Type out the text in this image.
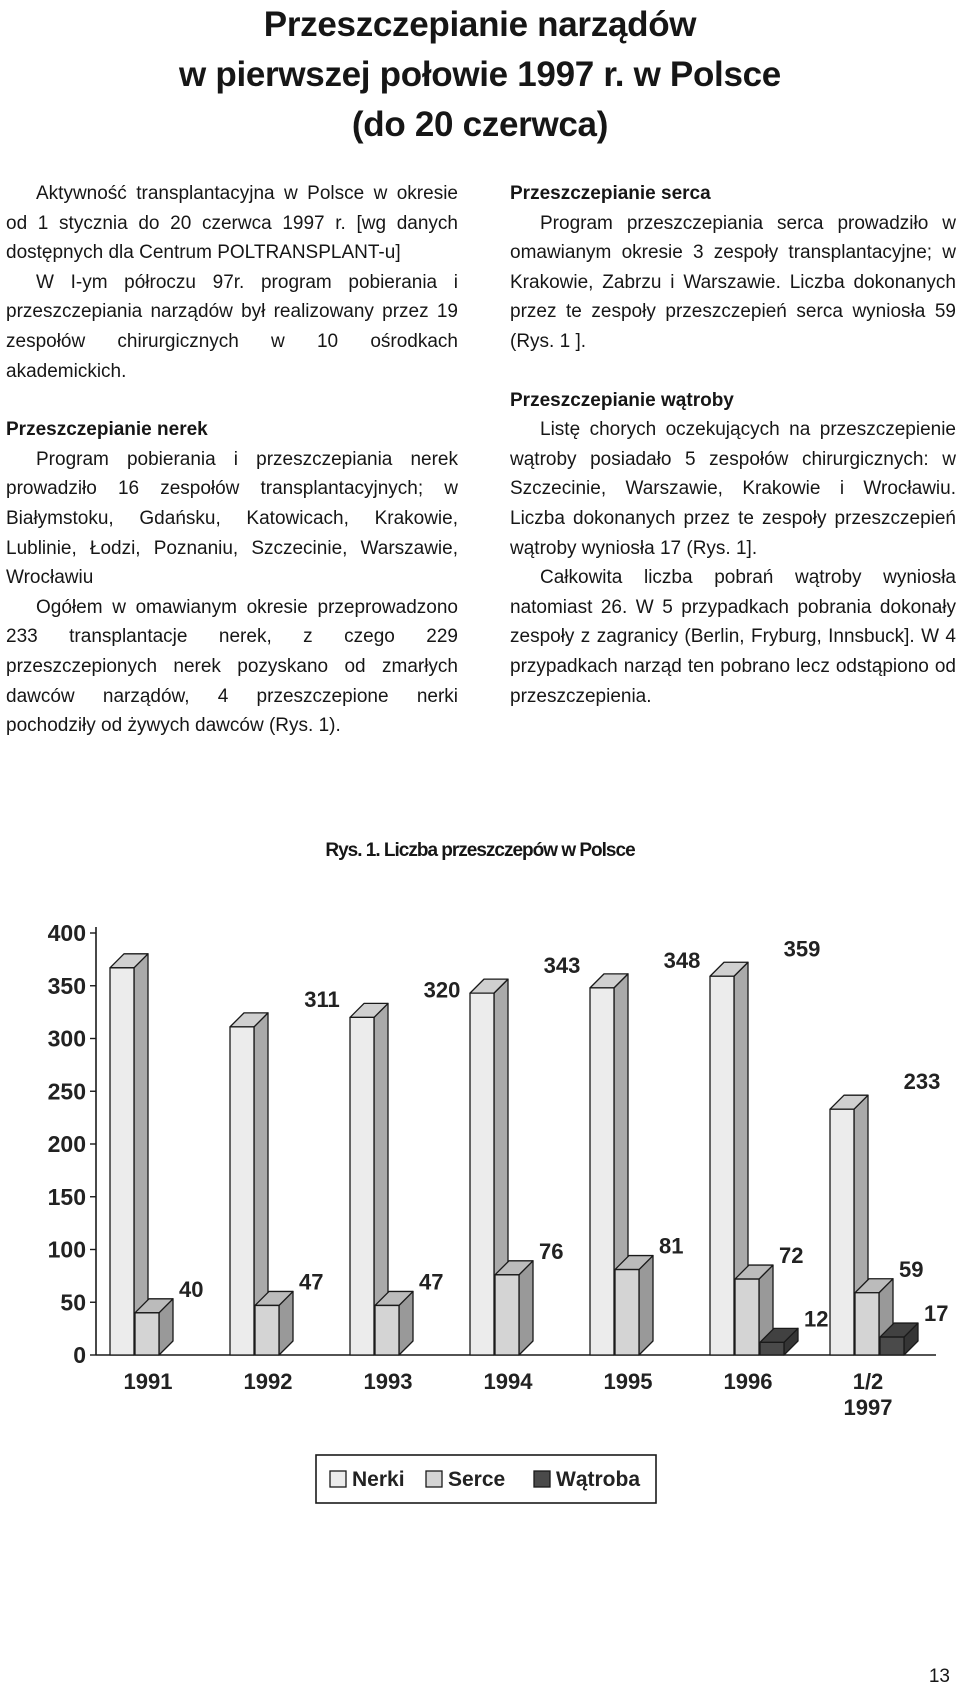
Przeszczepianie narządów
w pierwszej połowie 1997 r. w Polsce
(do 20 czerwca)

Aktywność transplantacyjna w Polsce w okresie od 1 stycznia do 20 czerwca 1997 r. [wg danych dostępnych dla Centrum POLTRANSPLANT-u]

W I-ym półroczu 97r. program pobierania i przeszczepiania narządów był realizowany przez 19 zespołów chirurgicznych w 10 ośrodkach akademickich.

Przeszczepianie nerek

Program pobierania i przeszczepiania nerek prowadziło 16 zespołów transplantacyjnych; w Białymstoku, Gdańsku, Katowicach, Krakowie, Lublinie, Łodzi, Poznaniu, Szczecinie, Warszawie, Wrocławiu

Ogółem w omawianym okresie przeprowadzono 233 transplantacje nerek, z czego 229 przeszczepionych nerek pozyskano od zmarłych dawców narządów, 4 przeszczepione nerki pochodziły od żywych dawców (Rys. 1).

Przeszczepianie serca

Program przeszczepiania serca prowadziło w omawianym okresie 3 zespoły transplantacyjne; w Krakowie, Zabrzu i Warszawie. Liczba dokonanych przez te zespoły przeszczepień serca wyniosła 59 (Rys. 1 ].

Przeszczepianie wątroby

Listę chorych oczekujących na przeszczepienie wątroby posiadało 5 zespołów chirurgicznych: w Szczecinie, Warszawie, Krakowie i Wrocławiu. Liczba dokonanych przez te zespoły przeszczepień wątroby wyniosła 17 (Rys. 1].

Całkowita liczba pobrań wątroby wyniosła natomiast 26. W 5 przypadkach pobrania dokonały zespoły z zagranicy (Berlin, Fryburg, Innsbuck]. W 4 przypadkach narząd ten pobrano lecz odstąpiono od przeszczepienia.

Rys. 1. Liczba przeszczepów w Polsce
0
50
100
150
200
250
300
350
400
40
1991
311
47
1992
320
47
1993
343
76
1994
348
81
1995
359
72
12
1996
233
59
17
1/2
1997
Nerki Serce Wątroba
13
